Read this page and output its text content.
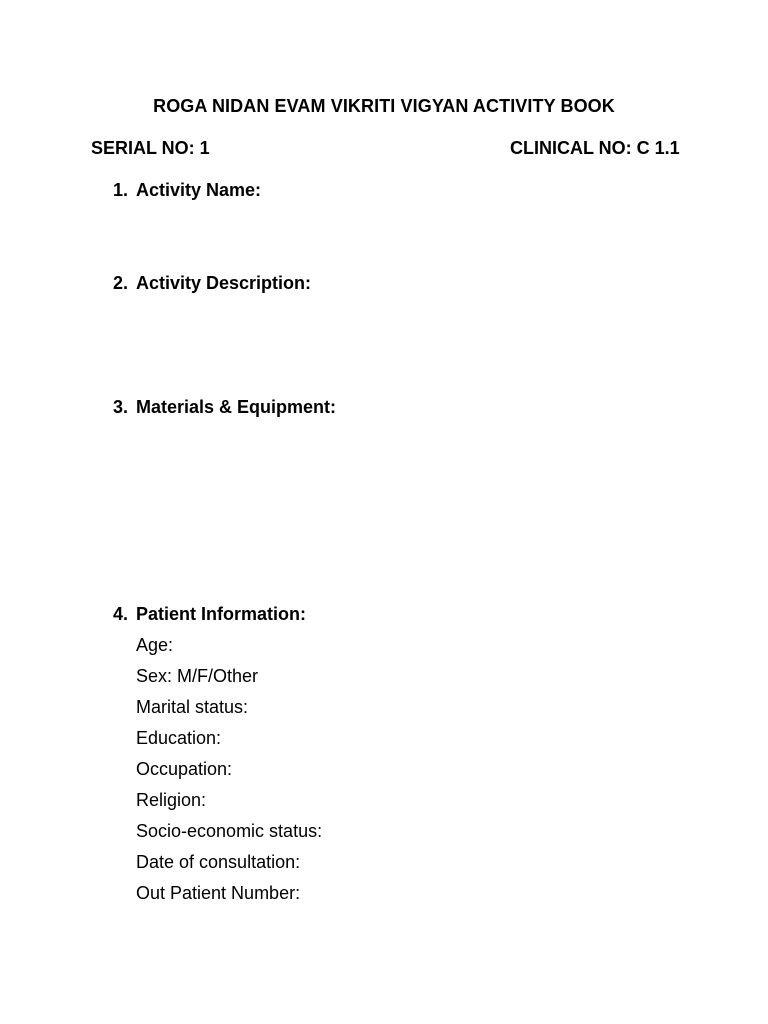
ROGA NIDAN EVAM VIKRITI VIGYAN ACTIVITY BOOK
SERIAL NO: 1	CLINICAL NO: C 1.1
1. Activity Name:
2. Activity Description:
3. Materials & Equipment:
4. Patient Information:
Age:
Sex: M/F/Other
Marital status:
Education:
Occupation:
Religion:
Socio-economic status:
Date of consultation:
Out Patient Number:
